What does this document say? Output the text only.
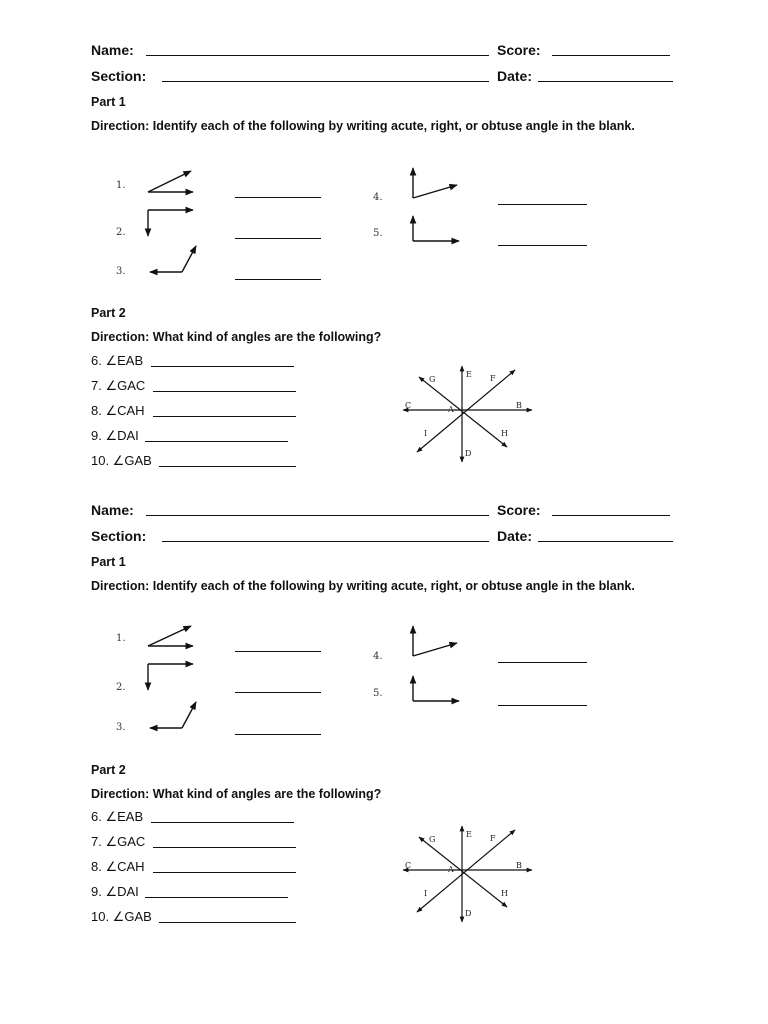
Name:	Score:
Section:	Date:
Part 1
Direction: Identify each of the following by writing acute, right, or obtuse angle in the blank.
1.
2.
3.
4.
5.
Part 2
Direction: What kind of angles are the following?
6. ∠EAB
7. ∠GAC
8. ∠CAH
9. ∠DAI
10. ∠GAB
G
E F
C	A	B
I	H
D
Name:	Score:
Section:	Date:
Part 1
Direction: Identify each of the following by writing acute, right, or obtuse angle in the blank.
1.
2.
3.
4.
5.
Part 2
Direction: What kind of angles are the following?
6. ∠EAB
7. ∠GAC
8. ∠CAH
9. ∠DAI
10. ∠GAB
G
E F
C	A	B
I	H
D
